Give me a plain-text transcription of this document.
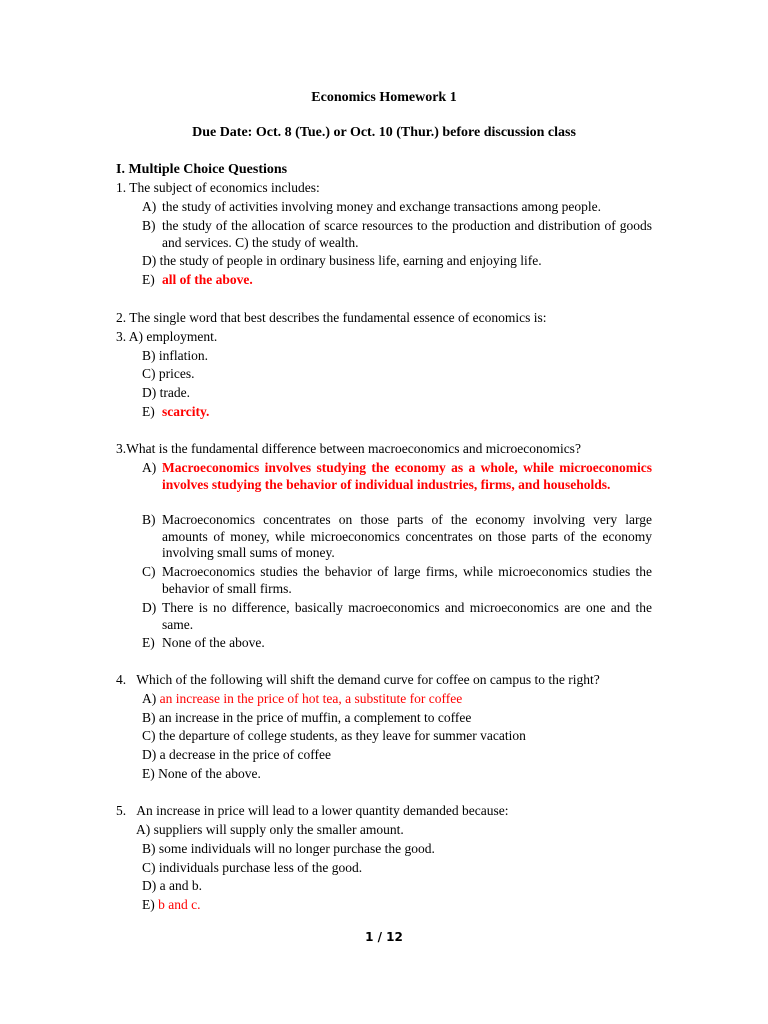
Economics Homework 1
Due Date: Oct. 8 (Tue.) or Oct. 10 (Thur.) before discussion class
I. Multiple Choice Questions
1. The subject of economics includes:
A) the study of activities involving money and exchange transactions among people.
B) the study of the allocation of scarce resources to the production and distribution of goods and services. C) the study of wealth.
D) the study of people in ordinary business life, earning and enjoying life.
E) all of the above.
2. The single word that best describes the fundamental essence of economics is:
3. A) employment.
B) inflation.
C) prices.
D) trade.
E) scarcity.
3.What is the fundamental difference between macroeconomics and microeconomics?
A) Macroeconomics involves studying the economy as a whole, while microeconomics involves studying the behavior of individual industries, firms, and households.
B) Macroeconomics concentrates on those parts of the economy involving very large amounts of money, while microeconomics concentrates on those parts of the economy involving small sums of money.
C) Macroeconomics studies the behavior of large firms, while microeconomics studies the behavior of small firms.
D) There is no difference, basically macroeconomics and microeconomics are one and the same.
E) None of the above.
4.   Which of the following will shift the demand curve for coffee on campus to the right?
A) an increase in the price of hot tea, a substitute for coffee
B) an increase in the price of muffin, a complement to coffee
C) the departure of college students, as they leave for summer vacation
D) a decrease in the price of coffee
E) None of the above.
5.   An increase in price will lead to a lower quantity demanded because:
A) suppliers will supply only the smaller amount.
B) some individuals will no longer purchase the good.
C) individuals purchase less of the good.
D) a and b.
E) b and c.
1 / 12
